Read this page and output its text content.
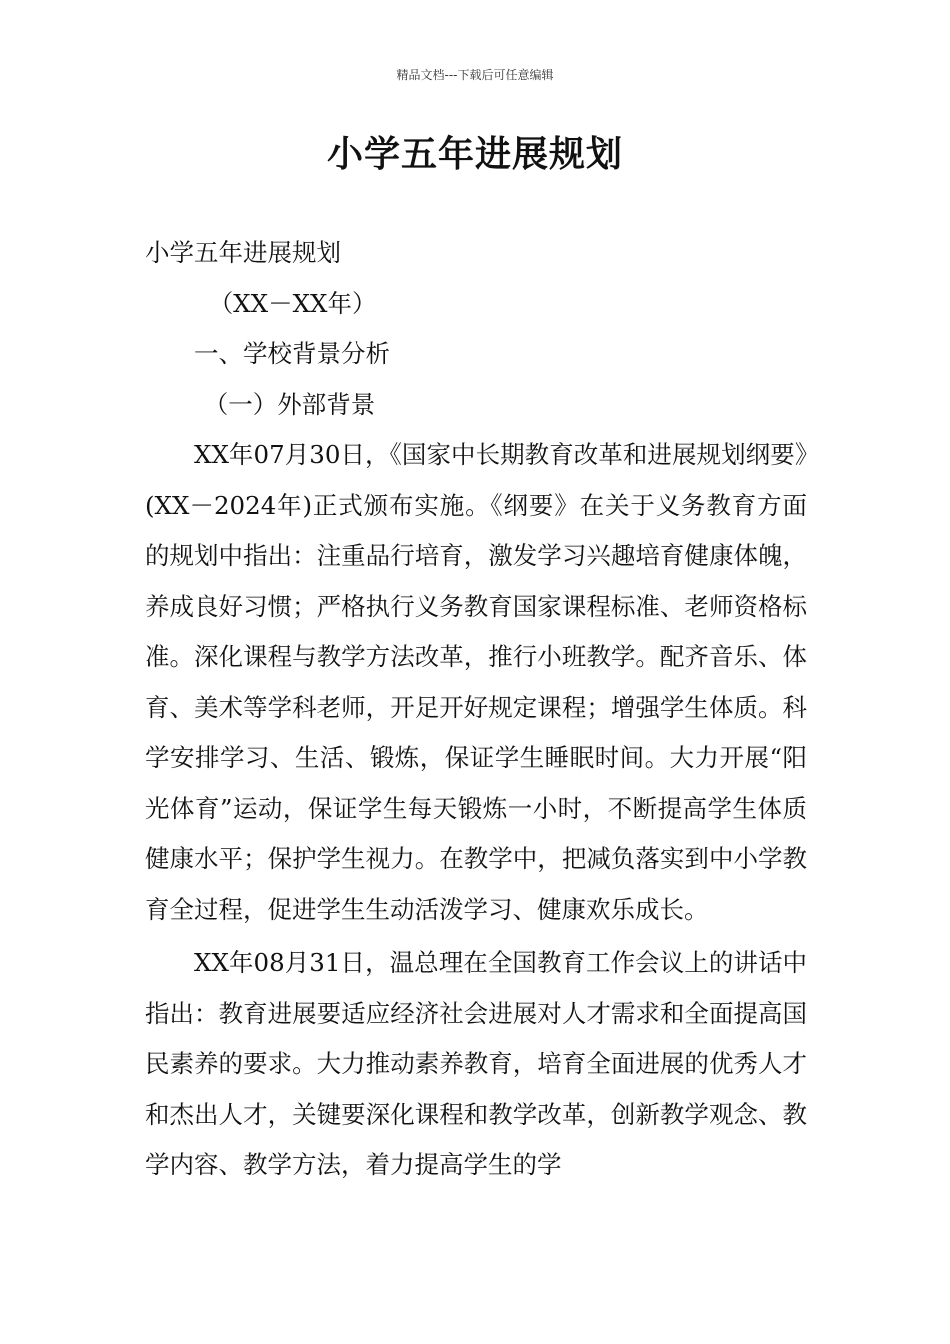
精品文档---下载后可任意编辑
小学五年进展规划

小学五年进展规划

（XX－XX年）

一、学校背景分析

（一）外部背景

XX年07月30日，《国家中长期教育改革和进展规划纲要》　(XX－2024年)正式颁布实施。《纲要》在关于义务教育方面的规划中指出：注重品行培育，激发学习兴趣培育健康体魄，养成良好习惯；严格执行义务教育国家课程标准、老师资格标准。深化课程与教学方法改革，推行小班教学。配齐音乐、体育、美术等学科老师，开足开好规定课程；增强学生体质。科学安排学习、生活、锻炼，保证学生睡眠时间。大力开展“阳光体育”运动，保证学生每天锻炼一小时，不断提高学生体质健康水平；保护学生视力。在教学中，把减负落实到中小学教育全过程，促进学生生动活泼学习、健康欢乐成长。

XX年08月31日，温总理在全国教育工作会议上的讲话中指出：教育进展要适应经济社会进展对人才需求和全面提高国民素养的要求。大力推动素养教育，培育全面进展的优秀人才和杰出人才，关键要深化课程和教学改革，创新教学观念、教学内容、教学方法，着力提高学生的学
